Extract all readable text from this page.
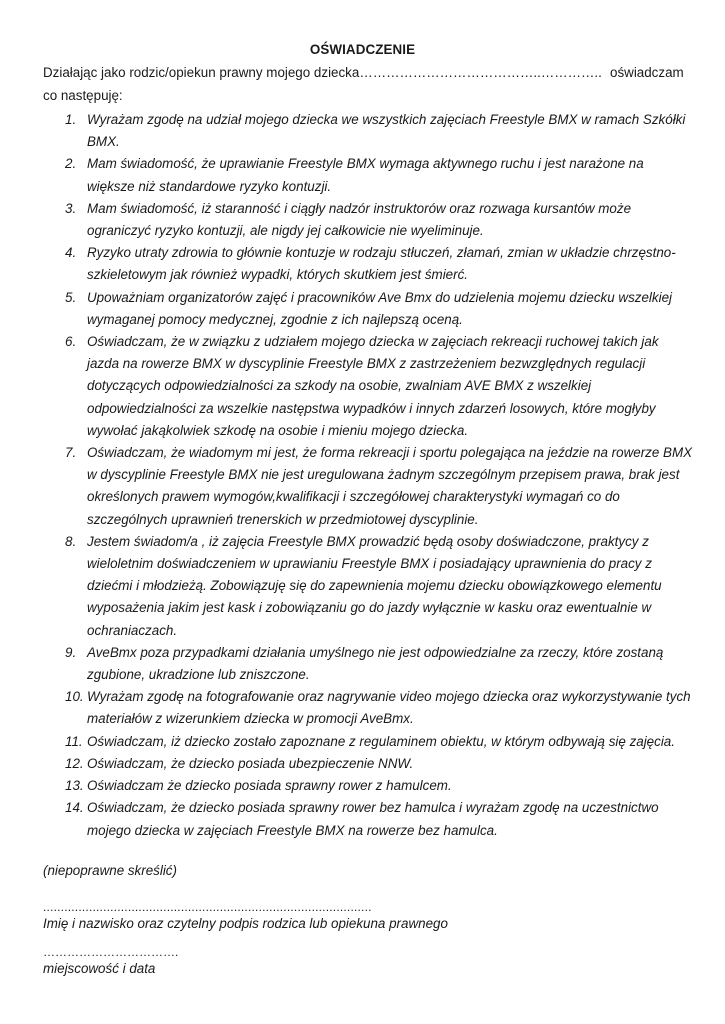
OŚWIADCZENIE
Działając jako rodzic/opiekun prawny mojego dziecka…………………………………..………….. oświadczam
co następuję:
1. Wyrażam zgodę na udział mojego dziecka we wszystkich zajęciach Freestyle BMX w ramach Szkółki BMX.
2. Mam świadomość, że uprawianie Freestyle BMX wymaga aktywnego ruchu i jest narażone na większe niż standardowe ryzyko kontuzji.
3. Mam świadomość, iż staranność i ciągły nadzór instruktorów oraz rozwaga kursantów może ograniczyć ryzyko kontuzji, ale nigdy jej całkowicie nie wyeliminuje.
4. Ryzyko utraty zdrowia to głównie kontuzje w rodzaju stłuczeń, złamań, zmian w układzie chrzęstno-szkieletowym jak również wypadki, których skutkiem jest śmierć.
5. Upoważniam organizatorów zajęć i pracowników Ave Bmx do udzielenia mojemu dziecku wszelkiej wymaganej pomocy medycznej, zgodnie z ich najlepszą oceną.
6. Oświadczam, że w związku z udziałem mojego dziecka w zajęciach rekreacji ruchowej takich jak jazda na rowerze BMX w dyscyplinie Freestyle BMX z zastrzeżeniem bezwzględnych regulacji dotyczących odpowiedzialności za szkody na osobie, zwalniam AVE BMX z wszelkiej odpowiedzialności za wszelkie następstwa wypadków i innych zdarzeń losowych, które mogłyby wywołać jakąkolwiek szkodę na osobie i mieniu mojego dziecka.
7. Oświadczam, że wiadomym mi jest, że forma rekreacji i sportu polegająca na jeździe na rowerze BMX w dyscyplinie Freestyle BMX nie jest uregulowana żadnym szczególnym przepisem prawa, brak jest określonych prawem wymogów,kwalifikacji i szczegółowej charakterystyki wymagań co do szczególnych uprawnień trenerskich w przedmiotowej dyscyplinie.
8. Jestem świadom/a , iż zajęcia Freestyle BMX prowadzić będą osoby doświadczone, praktycy z wieloletnim doświadczeniem w uprawianiu Freestyle BMX i posiadający uprawnienia do pracy z dziećmi i młodzieżą. Zobowiązuję się do zapewnienia mojemu dziecku obowiązkowego elementu wyposażenia jakim jest kask i zobowiązaniu go do jazdy wyłącznie w kasku oraz ewentualnie w ochraniaczach.
9. AveBmx poza przypadkami działania umyślnego nie jest odpowiedzialne za rzeczy, które zostaną zgubione, ukradzione lub zniszczone.
10. Wyrażam zgodę na fotografowanie oraz nagrywanie video mojego dziecka oraz wykorzystywanie tych materiałów z wizerunkiem dziecka w promocji AveBmx.
11. Oświadczam, iż dziecko zostało zapoznane z regulaminem obiektu, w którym odbywają się zajęcia.
12. Oświadczam, że dziecko posiada ubezpieczenie NNW.
13. Oświadczam że dziecko posiada sprawny rower z hamulcem.
14. Oświadczam, że dziecko posiada sprawny rower bez hamulca i wyrażam zgodę na uczestnictwo mojego dziecka w zajęciach Freestyle BMX na rowerze bez hamulca.
(niepoprawne skreślić)
.............................................................................................
Imię i nazwisko oraz czytelny podpis rodzica lub opiekuna prawnego
…………………………….
miejscowość i data
